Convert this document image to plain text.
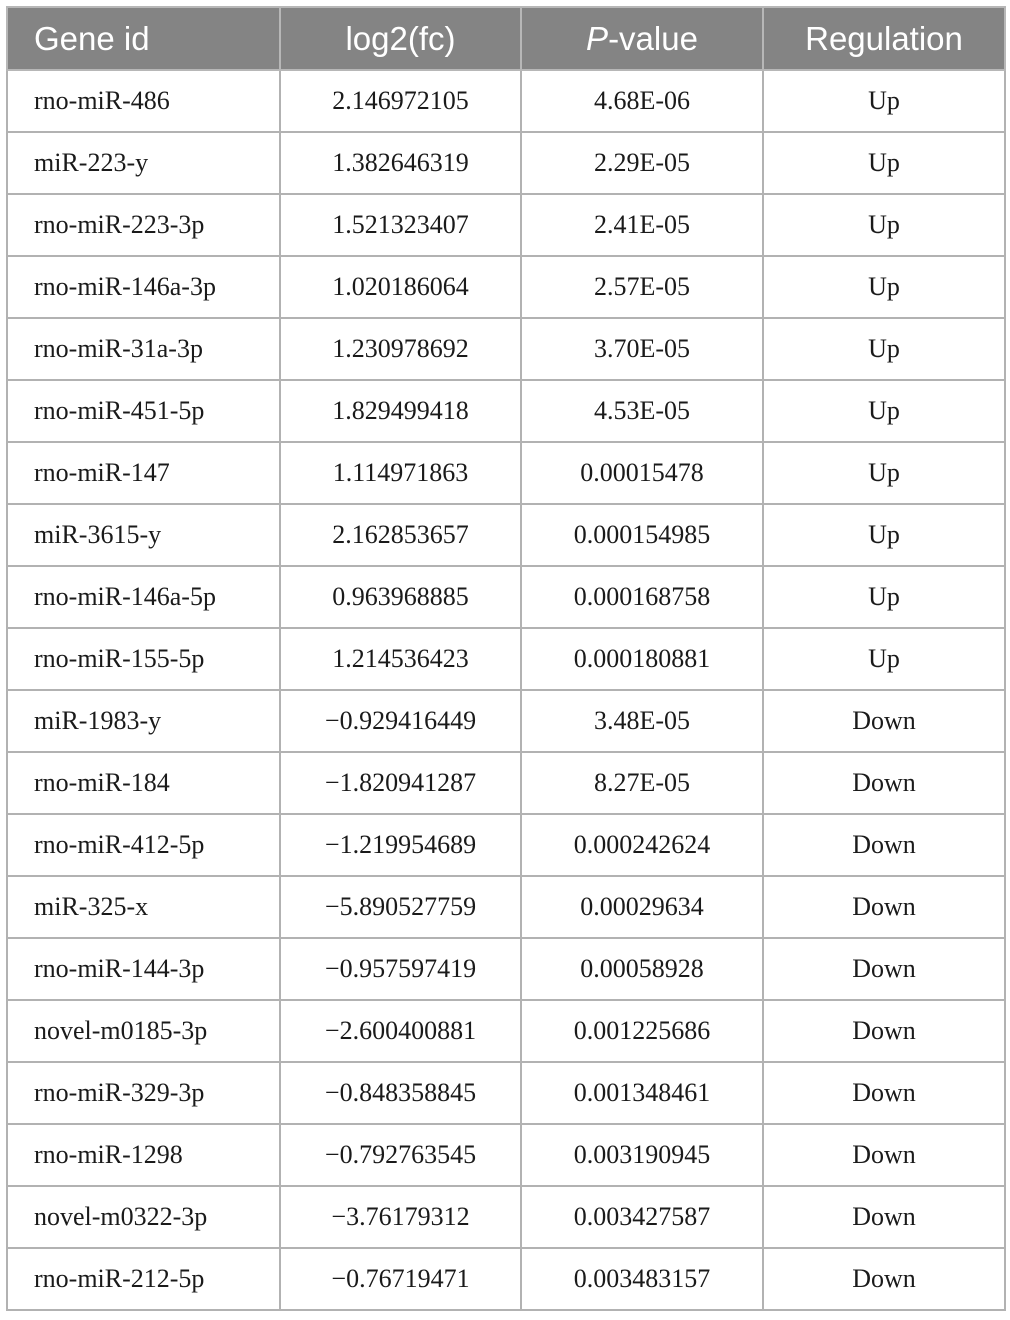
Gene id	log2(fc)	P-value	Regulation
rno-miR-486	2.146972105	4.68E-06	Up
miR-223-y	1.382646319	2.29E-05	Up
rno-miR-223-3p	1.521323407	2.41E-05	Up
rno-miR-146a-3p	1.020186064	2.57E-05	Up
rno-miR-31a-3p	1.230978692	3.70E-05	Up
rno-miR-451-5p	1.829499418	4.53E-05	Up
rno-miR-147	1.114971863	0.00015478	Up
miR-3615-y	2.162853657	0.000154985	Up
rno-miR-146a-5p	0.963968885	0.000168758	Up
rno-miR-155-5p	1.214536423	0.000180881	Up
miR-1983-y	−0.929416449	3.48E-05	Down
rno-miR-184	−1.820941287	8.27E-05	Down
rno-miR-412-5p	−1.219954689	0.000242624	Down
miR-325-x	−5.890527759	0.00029634	Down
rno-miR-144-3p	−0.957597419	0.00058928	Down
novel-m0185-3p	−2.600400881	0.001225686	Down
rno-miR-329-3p	−0.848358845	0.001348461	Down
rno-miR-1298	−0.792763545	0.003190945	Down
novel-m0322-3p	−3.76179312	0.003427587	Down
rno-miR-212-5p	−0.76719471	0.003483157	Down
